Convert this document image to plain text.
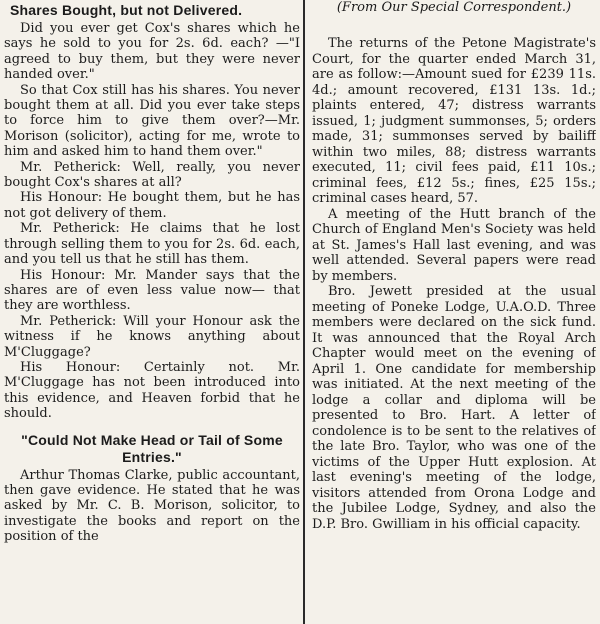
Shares Bought, but not Delivered.

Did you ever get Cox's shares which he says he sold to you for 2s. 6d. each? —"I agreed to buy them, but they were never handed over."

So that Cox still has his shares. You never bought them at all. Did you ever take steps to force him to give them over?—Mr. Morison (solicitor), acting for me, wrote to him and asked him to hand them over."

Mr. Petherick: Well, really, you never bought Cox's shares at all?

His Honour: He bought them, but he has not got delivery of them.

Mr. Petherick: He claims that he lost through selling them to you for 2s. 6d. each, and you tell us that he still has them.

His Honour: Mr. Mander says that the shares are of even less value now— that they are worthless.

Mr. Petherick: Will your Honour ask the witness if he knows anything about M'Cluggage?

His Honour: Certainly not. Mr. M'Cluggage has not been introduced into this evidence, and Heaven forbid that he should.

"Could Not Make Head or Tail of Some Entries."

Arthur Thomas Clarke, public accountant, then gave evidence. He stated that he was asked by Mr. C. B. Morison, solicitor, to investigate the books and report on the position of the

(From Our Special Correspondent.)

The returns of the Petone Magistrate's Court, for the quarter ended March 31, are as follow:—Amount sued for £239 11s. 4d.; amount recovered, £131 13s. 1d.; plaints entered, 47; distress warrants issued, 1; judgment summonses, 5; orders made, 31; summonses served by bailiff within two miles, 88; distress warrants executed, 11; civil fees paid, £11 10s.; criminal fees, £12 5s.; fines, £25 15s.; criminal cases heard, 57.

A meeting of the Hutt branch of the Church of England Men's Society was held at St. James's Hall last evening, and was well attended. Several papers were read by members.

Bro. Jewett presided at the usual meeting of Poneke Lodge, U.A.O.D. Three members were declared on the sick fund. It was announced that the Royal Arch Chapter would meet on the evening of April 1. One candidate for membership was initiated. At the next meeting of the lodge a collar and diploma will be presented to Bro. Hart. A letter of condolence is to be sent to the relatives of the late Bro. Taylor, who was one of the victims of the Upper Hutt explosion. At last evening's meeting of the lodge, visitors attended from Orona Lodge and the Jubilee Lodge, Sydney, and also the D.P. Bro. Gwilliam in his official capacity.
